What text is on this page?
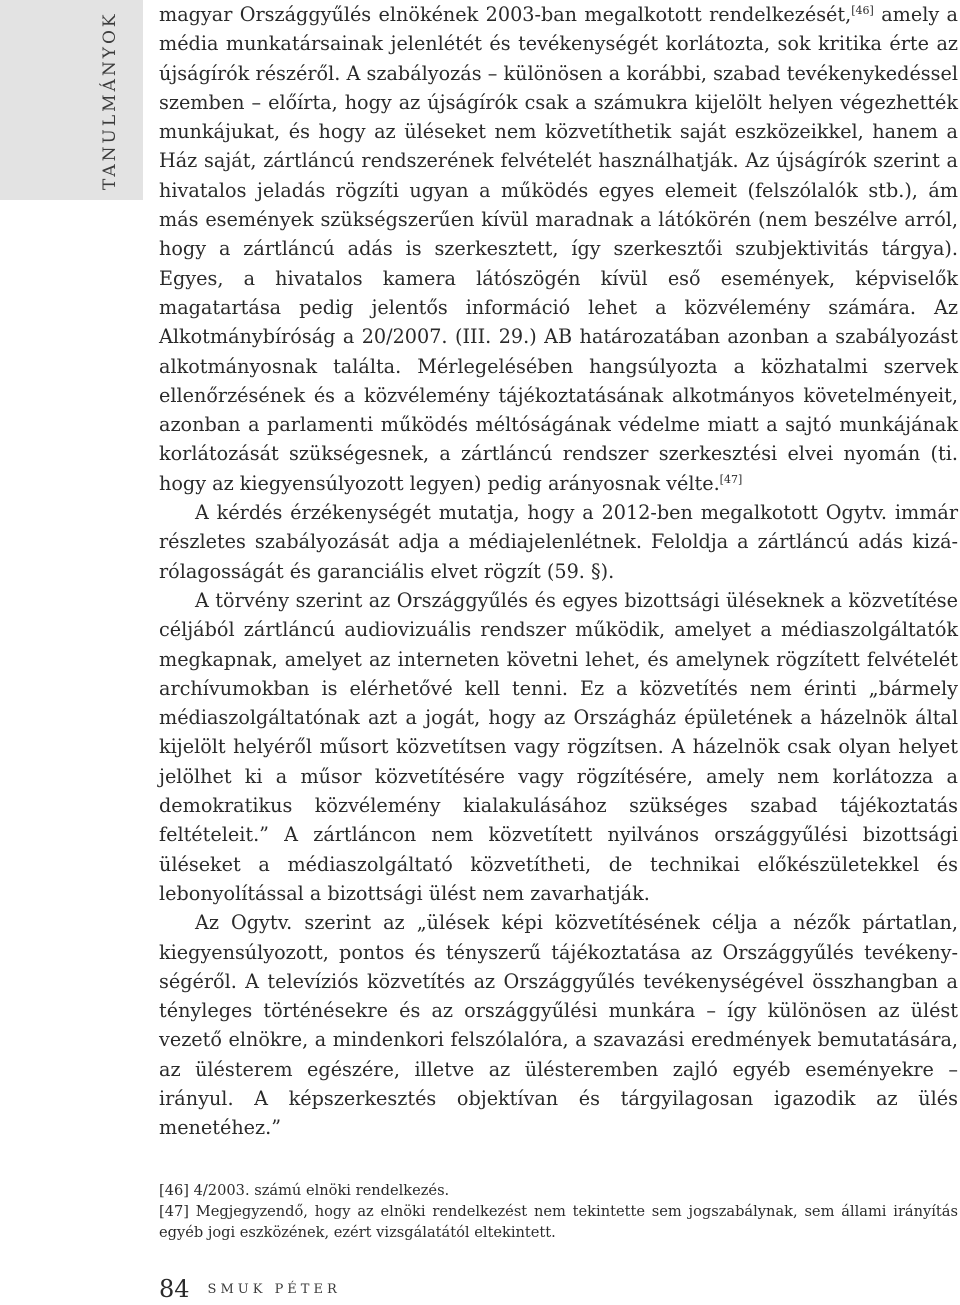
TANULMÁNYOK	magyar Országgyűlés elnökének 2003-ban megalkotott rendelkezését,[46] amely a média munkatársainak jelenlétét és tevékenységét korlátozta, sok kritika érte az újságírók részéről. A szabályozás – különösen a korábbi, szabad tevékenykedéssel szemben – előírta, hogy az újságírók csak a számukra kijelölt helyen végezhették munkájukat, és hogy az üléseket nem közvetíthetik saját eszközeikkel, hanem a Ház saját, zártláncú rendszerének felvételét használhatják. Az újságírók szerint a hivatalos jeladás rögzíti ugyan a működés egyes elemeit (felszólalók stb.), ám más események szükségszerűen kívül maradnak a látókörén (nem beszélve arról, hogy a zártláncú adás is szerkesztett, így szerkesztői szubjektivitás tárgya). Egyes, a hivatalos kamera látószögén kívül eső események, képviselők magatartása pedig jelentős információ lehet a közvélemény számára. Az Alkotmánybíróság a 20/2007. (III. 29.) AB határozatában azonban a szabályozást alkotmányosnak találta. Mérlegelésében hangsúlyozta a közhatalmi szervek ellenőrzésének és a közvélemény tájékoztatásának alkotmányos követelményeit, azonban a parlamenti működés méltóságának védelme miatt a sajtó munkájának korlátozását szükségesnek, a zártláncú rendszer szerkesztési elvei nyomán (ti. hogy az kiegyensúlyozott legyen) pedig arányosnak vélte.[47]

A kérdés érzékenységét mutatja, hogy a 2012-ben megalkotott Ogytv. immár részletes szabályozását adja a médiajelenlétnek. Feloldja a zártláncú adás kizárólagosságát és garanciális elvet rögzít (59. §).

A törvény szerint az Országgyűlés és egyes bizottsági üléseknek a közvetítése céljából zártláncú audiovizuális rendszer működik, amelyet a médiaszolgáltatók megkapnak, amelyet az interneten követni lehet, és amelynek rögzített felvételét archívumokban is elérhetővé kell tenni. Ez a közvetítés nem érinti „bármely médiaszolgáltatónak azt a jogát, hogy az Országház épületének a házelnök által kijelölt helyéről műsort közvetítsen vagy rögzítsen. A házelnök csak olyan helyet jelölhet ki a műsor közvetítésére vagy rögzítésére, amely nem korlátozza a demokratikus közvélemény kialakulásához szükséges szabad tájékoztatás feltételeit.” A zártláncon nem közvetített nyilvános országgyűlési bizottsági üléseket a médiaszolgáltató közvetítheti, de technikai előkészületekkel és lebonyolítással a bizottsági ülést nem zavarhatják.

Az Ogytv. szerint az „ülések képi közvetítésének célja a nézők pártatlan, kiegyensúlyozott, pontos és tényszerű tájékoztatása az Országgyűlés tevékenységéről. A televíziós közvetítés az Országgyűlés tevékenységével összhangban a tényleges történésekre és az országgyűlési munkára – így különösen az ülést vezető elnökre, a mindenkori felszólalóra, a szavazási eredmények bemutatására, az ülésterem egészére, illetve az ülésteremben zajló egyéb eseményekre – irányul. A képszerkesztés objektívan és tárgyilagosan igazodik az ülés menetéhez.”

[46] 4/2003. számú elnöki rendelkezés.

[47] Megjegyzendő, hogy az elnöki rendelkezést nem tekintette sem jogszabálynak, sem állami irányítás egyéb jogi eszközének, ezért vizsgálatától eltekintett.

84 SMUK PÉTER
